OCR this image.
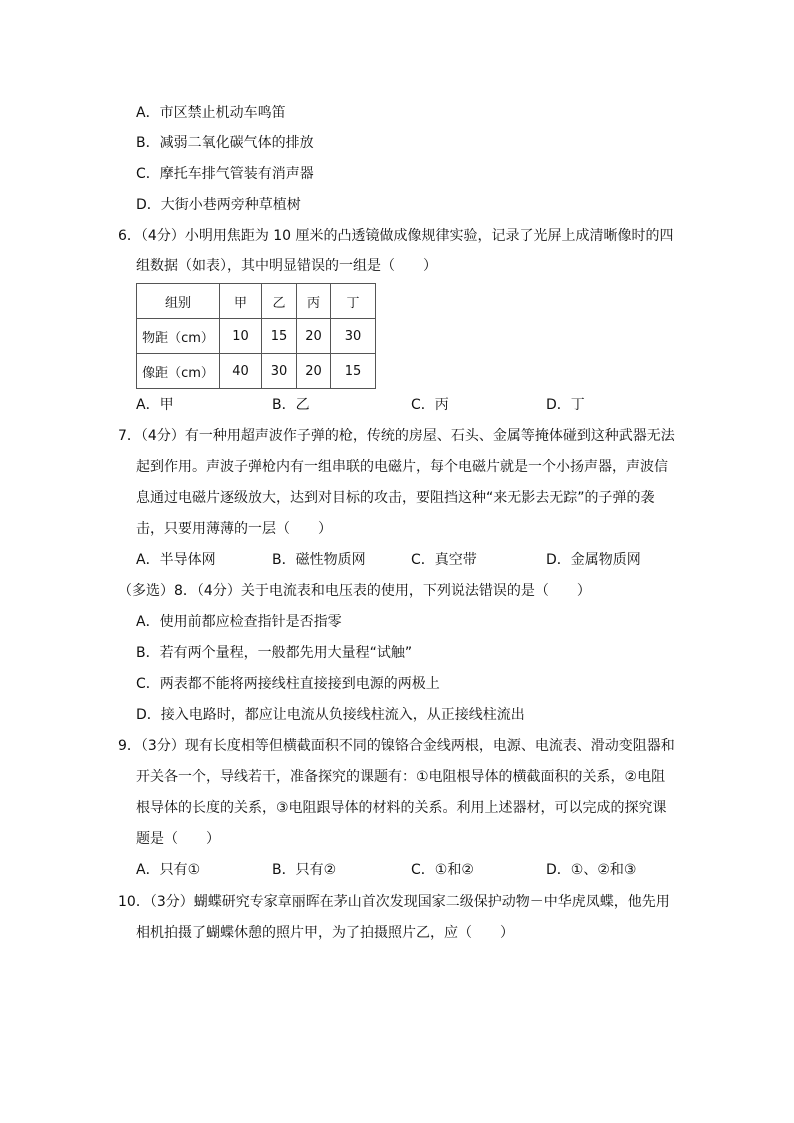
A．市区禁止机动车鸣笛
B．减弱二氧化碳气体的排放
C．摩托车排气管装有消声器
D．大街小巷两旁种草植树
6．（4分）小明用焦距为 10 厘米的凸透镜做成像规律实验，记录了光屏上成清晰像时的四
组数据（如表），其中明显错误的一组是（　　）
组别	甲	乙	丙	丁
物距（cm）	10	15	20	30
像距（cm）	40	30	20	15
A．甲	B．乙	C．丙	D．丁
7．（4分）有一种用超声波作子弹的枪，传统的房屋、石头、金属等掩体碰到这种武器无法
起到作用。声波子弹枪内有一组串联的电磁片，每个电磁片就是一个小扬声器，声波信
息通过电磁片逐级放大，达到对目标的攻击，要阻挡这种“来无影去无踪”的子弹的袭
击，只要用薄薄的一层（　　）
A．半导体网	B．磁性物质网	C．真空带	D．金属物质网
（多选）8．（4分）关于电流表和电压表的使用，下列说法错误的是（　　）
A．使用前都应检查指针是否指零
B．若有两个量程，一般都先用大量程“试触”
C．两表都不能将两接线柱直接接到电源的两极上
D．接入电路时，都应让电流从负接线柱流入，从正接线柱流出
9．（3分）现有长度相等但横截面积不同的镍铬合金线两根，电源、电流表、滑动变阻器和
开关各一个，导线若干，准备探究的课题有：①电阻根导体的横截面积的关系，②电阻
根导体的长度的关系，③电阻跟导体的材料的关系。利用上述器材，可以完成的探究课
题是（　　）
A．只有①	B．只有②	C．①和②	D．①、②和③
10．（3分）蝴蝶研究专家章丽晖在茅山首次发现国家二级保护动物－中华虎凤蝶，他先用
相机拍摄了蝴蝶休憩的照片甲，为了拍摄照片乙，应（　　）
